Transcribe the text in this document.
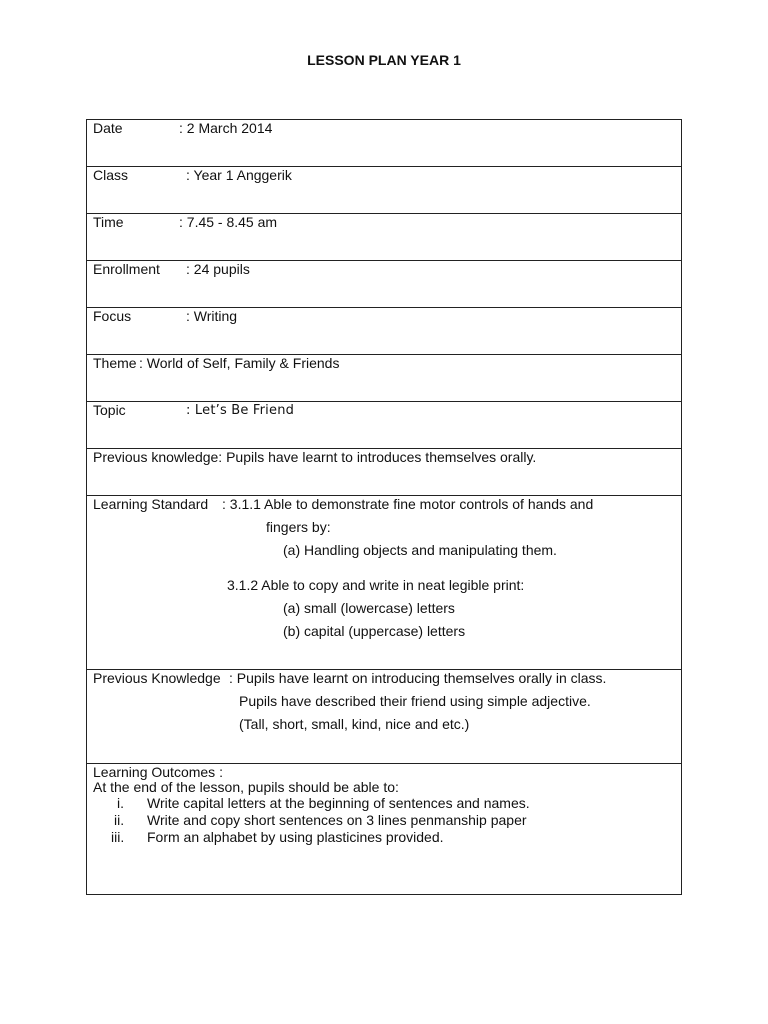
LESSON PLAN YEAR 1
Date	: 2 March 2014
Class	: Year 1 Anggerik
Time	: 7.45 - 8.45 am
Enrollment : 24 pupils
Focus	: Writing
Theme : World of Self, Family & Friends
Topic	: Let’s Be Friend
Previous knowledge: Pupils have learnt to introduces themselves orally.
Learning Standard : 3.1.1 Able to demonstrate fine motor controls of hands and
fingers by:
(a) Handling objects and manipulating them.
3.1.2 Able to copy and write in neat legible print:
(a) small (lowercase) letters
(b) capital (uppercase) letters
Previous Knowledge : Pupils have learnt on introducing themselves orally in class.
Pupils have described their friend using simple adjective.
(Tall, short, small, kind, nice and etc.)
Learning Outcomes :
At the end of the lesson, pupils should be able to:
i. Write capital letters at the beginning of sentences and names.
ii. Write and copy short sentences on 3 lines penmanship paper
iii. Form an alphabet by using plasticines provided.
